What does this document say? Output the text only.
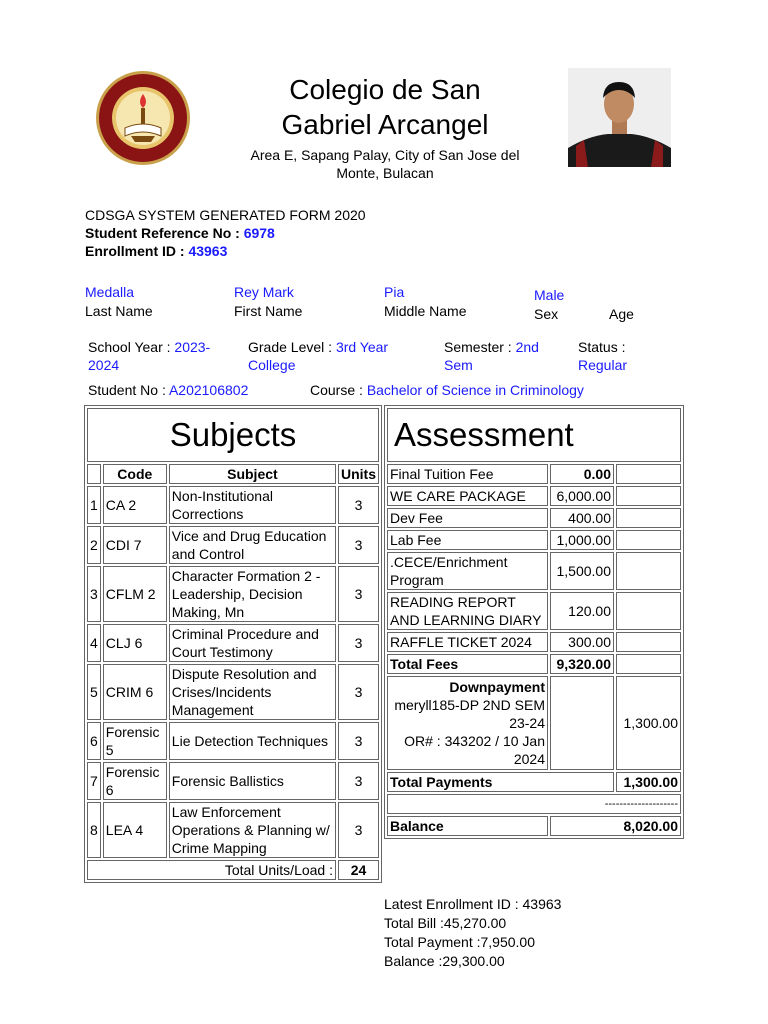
Colegio de San
Gabriel Arcangel
Area E, Sapang Palay, City of San Jose del Monte, Bulacan
CDSGA SYSTEM GENERATED FORM 2020
Student Reference No : 6978
Enrollment ID : 43963
Medalla
Last Name
Rey Mark
First Name
Pia
Middle Name
Male
Sex	Age
School Year : 2023-
2024
Grade Level : 3rd Year
College
Semester : 2nd
Sem
Status :
Regular
Student No : A202106802	Course : Bachelor of Science in Criminology
Subjects			
	Code	Subject	Units
1	CA 2	Non-Institutional Corrections	3
2	CDI 7	Vice and Drug Education and Control	3
3	CFLM 2	Character Formation 2 - Leadership, Decision Making, Mn	3
4	CLJ 6	Criminal Procedure and Court Testimony	3
5	CRIM 6	Dispute Resolution and Crises/Incidents Management	3
6	Forensic 5	Lie Detection Techniques	3
7	Forensic 6	Forensic Ballistics	3
8	LEA 4	Law Enforcement Operations & Planning w/ Crime Mapping	3
Total Units/Load :			24
Assessment		
Final Tuition Fee	0.00	
WE CARE PACKAGE	6,000.00	
Dev Fee	400.00	
Lab Fee	1,000.00	
.CECE/Enrichment Program	1,500.00	
READING REPORT AND LEARNING DIARY	120.00	
RAFFLE TICKET 2024	300.00	
Total Fees	9,320.00	

Downpayment
meryll185-DP 2ND SEM 23-24
OR# : 343202 / 10 Jan 2024		1,300.00
Total Payments		1,300.00
--------------------		
Balance	8,020.00	
Latest Enrollment ID : 43963
Total Bill :45,270.00
Total Payment :7,950.00
Balance :29,300.00
